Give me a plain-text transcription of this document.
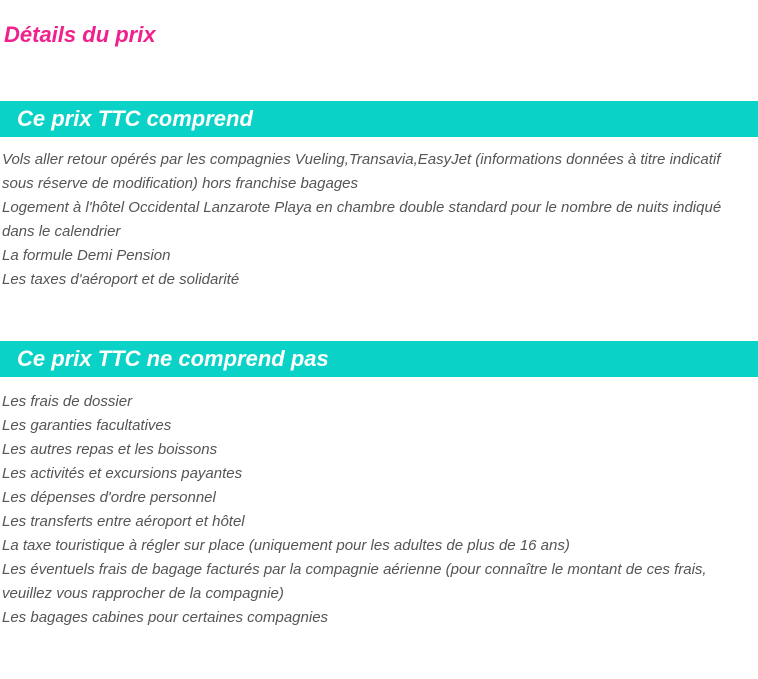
Détails du prix
Ce prix TTC comprend
Vols aller retour opérés par les compagnies Vueling,Transavia,EasyJet (informations données à titre indicatif sous réserve de modification) hors franchise bagages
Logement à l'hôtel Occidental Lanzarote Playa en chambre double standard pour le nombre de nuits indiqué dans le calendrier
La formule Demi Pension
Les taxes d'aéroport et de solidarité
Ce prix TTC ne comprend pas
Les frais de dossier
Les garanties facultatives
Les autres repas et les boissons
Les activités et excursions payantes
Les dépenses d'ordre personnel
Les transferts entre aéroport et hôtel
La taxe touristique à régler sur place (uniquement pour les adultes de plus de 16 ans)
Les éventuels frais de bagage facturés par la compagnie aérienne (pour connaître le montant de ces frais, veuillez vous rapprocher de la compagnie)
Les bagages cabines pour certaines compagnies
